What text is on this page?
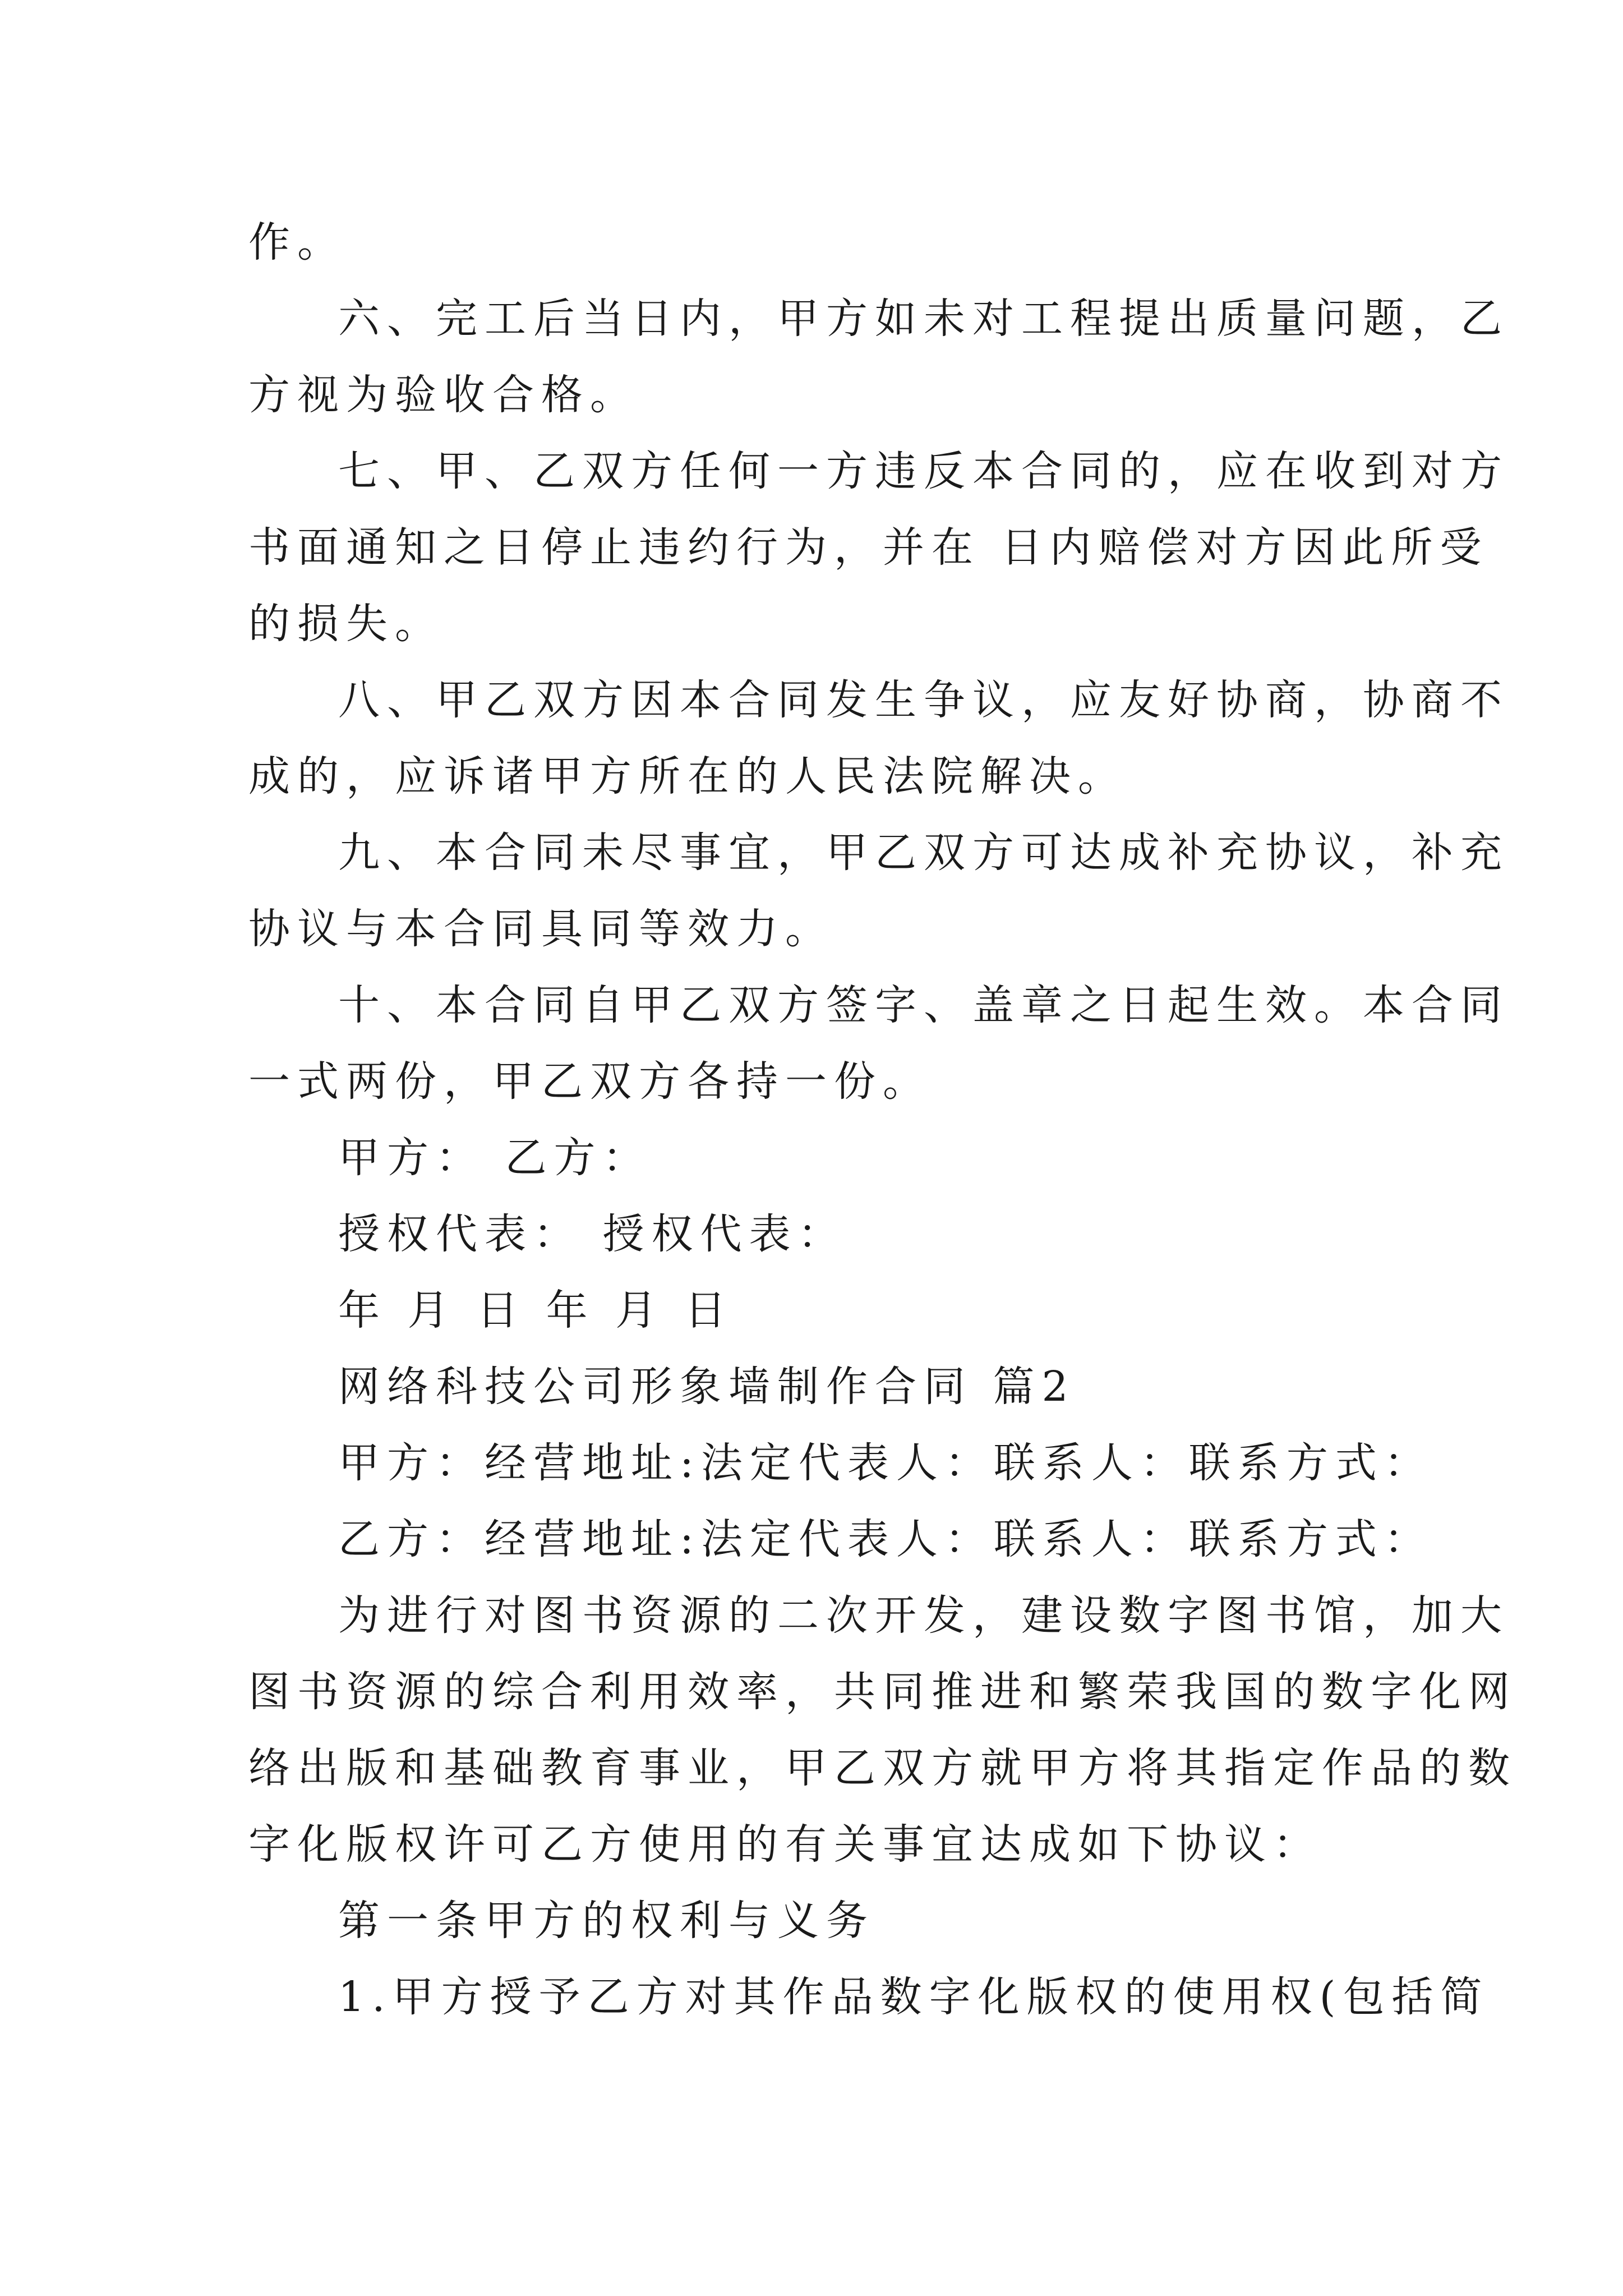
作。

六、完工后当日内，甲方如未对工程提出质量问题，乙

方视为验收合格。

七、甲、乙双方任何一方违反本合同的，应在收到对方

书面通知之日停止违约行为，并在 日内赔偿对方因此所受

的损失。

八、甲乙双方因本合同发生争议，应友好协商，协商不

成的，应诉诸甲方所在的人民法院解决。

九、本合同未尽事宜，甲乙双方可达成补充协议，补充

协议与本合同具同等效力。

十、本合同自甲乙双方签字、盖章之日起生效。本合同

一式两份，甲乙双方各持一份。

甲方： 乙方：

授权代表： 授权代表：

年 月 日 年 月 日

网络科技公司形象墙制作合同 篇2

甲方：经营地址:法定代表人：联系人：联系方式：

乙方：经营地址:法定代表人：联系人：联系方式：

为进行对图书资源的二次开发，建设数字图书馆，加大

图书资源的综合利用效率，共同推进和繁荣我国的数字化网

络出版和基础教育事业，甲乙双方就甲方将其指定作品的数

字化版权许可乙方使用的有关事宜达成如下协议：

第一条甲方的权利与义务

1.甲方授予乙方对其作品数字化版权的使用权(包括简
